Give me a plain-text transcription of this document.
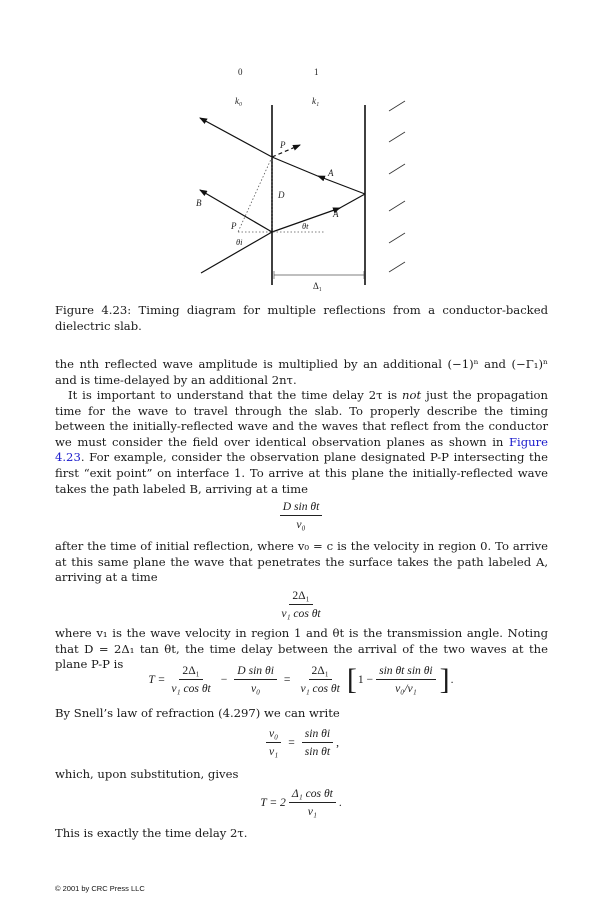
0	1
k₀	k₁
P
A
D
B
A
P	θt
θi
Δ₁
Figure 4.23: Timing diagram for multiple reflections from a conductor-backed dielectric slab.
the nth reflected wave amplitude is multiplied by an additional (−1)ⁿ and (−Γ₁)ⁿ and is time-delayed by an additional 2nτ.
It is important to understand that the time delay 2τ is not just the propagation time for the wave to travel through the slab. To properly describe the timing between the initially-reflected wave and the waves that reflect from the conductor we must consider the field over identical observation planes as shown in Figure 4.23. For example, consider the observation plane designated P-P intersecting the first “exit point” on interface 1. To arrive at this plane the initially-reflected wave takes the path labeled B, arriving at a time
$\frac{\text{D sin θt}}{\text{v₀}}$
after the time of initial reflection, where v₀ = c is the velocity in region 0. To arrive at this same plane the wave that penetrates the surface takes the path labeled A, arriving at a time
$\frac{\text{2Δ₁}}{\text{v₁ cos θt}}$
where v₁ is the wave velocity in region 1 and θt is the transmission angle. Noting that D = 2Δ₁ tan θt, the time delay between the arrival of the two waves at the plane P-P is
$T = \frac{\text{2Δ₁}}{\text{v₁ cos θt}} - \frac{\text{D sin θi}}{\text{v₀}} = \frac{\text{2Δ₁}}{\text{v₁ cos θt}}$ [ $1 - \frac{\text{sin θt sin θi}}{\text{v₀/v₁}}$ ] .
By Snell’s law of refraction (4.297) we can write
$\frac{\text{v₀}}{\text{v₁}} = \frac{\text{sin θi}}{\text{sin θt}}$ ,
which, upon substitution, gives
$T = 2 \frac{\text{Δ₁ cos θt}}{\text{v₁}}$ .
This is exactly the time delay 2τ.
© 2001 by CRC Press LLC
